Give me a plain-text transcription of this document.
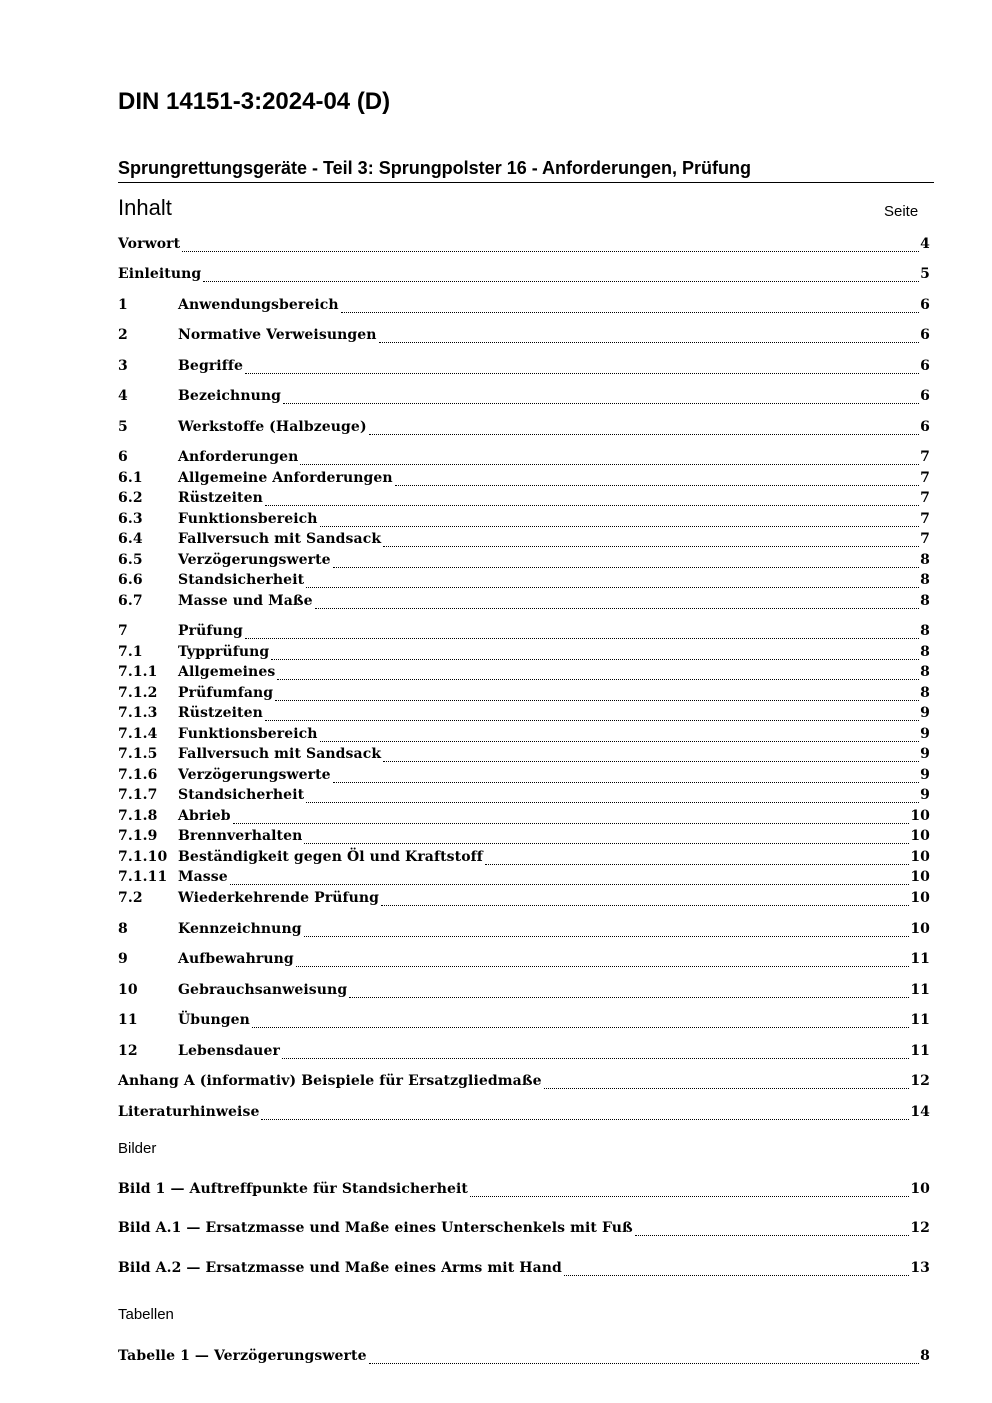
DIN 14151-3:2024-04 (D)
Sprungrettungsgeräte - Teil 3: Sprungpolster 16 - Anforderungen, Prüfung
Inhalt	Seite
Vorwort	4
Einleitung	5
1	Anwendungsbereich	6
2	Normative Verweisungen	6
3	Begriffe	6
4	Bezeichnung	6
5	Werkstoffe (Halbzeuge)	6
6	Anforderungen	7
6.1	Allgemeine Anforderungen	7
6.2	Rüstzeiten	7
6.3	Funktionsbereich	7
6.4	Fallversuch mit Sandsack	7
6.5	Verzögerungswerte	8
6.6	Standsicherheit	8
6.7	Masse und Maße	8
7	Prüfung	8
7.1	Typprüfung	8
7.1.1	Allgemeines	8
7.1.2	Prüfumfang	8
7.1.3	Rüstzeiten	9
7.1.4	Funktionsbereich	9
7.1.5	Fallversuch mit Sandsack	9
7.1.6	Verzögerungswerte	9
7.1.7	Standsicherheit	9
7.1.8	Abrieb	10
7.1.9	Brennverhalten	10
7.1.10 Beständigkeit gegen Öl und Kraftstoff	10
7.1.11 Masse	10
7.2	Wiederkehrende Prüfung	10
8	Kennzeichnung	10
9	Aufbewahrung	11
10	Gebrauchsanweisung	11
11	Übungen	11
12	Lebensdauer	11
Anhang A (informativ) Beispiele für Ersatzgliedmaße	12
Literaturhinweise	14
Bilder
Bild 1 — Auftreffpunkte für Standsicherheit	10
Bild A.1 — Ersatzmasse und Maße eines Unterschenkels mit Fuß	12
Bild A.2 — Ersatzmasse und Maße eines Arms mit Hand	13
Tabellen
Tabelle 1 — Verzögerungswerte	8
